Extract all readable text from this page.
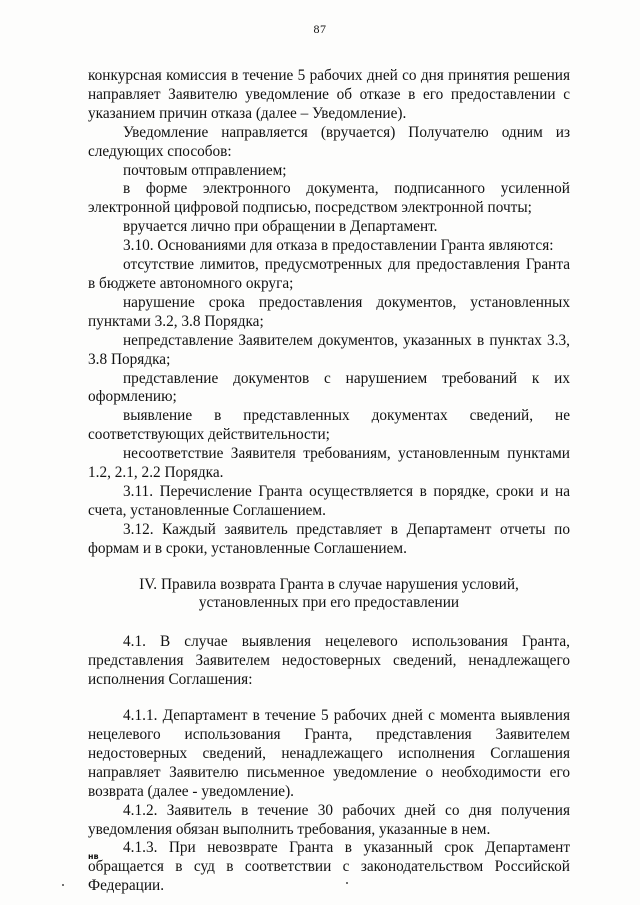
87

конкурсная комиссия в течение 5 рабочих дней со дня принятия решения направляет Заявителю уведомление об отказе в его предоставлении с указанием причин отказа (далее – Уведомление).

Уведомление направляется (вручается) Получателю одним из следующих способов:

почтовым отправлением;

в форме электронного документа, подписанного усиленной электронной цифровой подписью, посредством электронной почты;

вручается лично при обращении в Департамент.

3.10. Основаниями для отказа в предоставлении Гранта являются:

отсутствие лимитов, предусмотренных для предоставления Гранта в бюджете автономного округа;

нарушение срока предоставления документов, установленных пунктами 3.2, 3.8 Порядка;

непредставление Заявителем документов, указанных в пунктах 3.3, 3.8 Порядка;

представление документов с нарушением требований к их оформлению;

выявление в представленных документах сведений, не соответствующих действительности;

несоответствие Заявителя требованиям, установленным пунктами 1.2, 2.1, 2.2 Порядка.

3.11. Перечисление Гранта осуществляется в порядке, сроки и на счета, установленные Соглашением.

3.12. Каждый заявитель представляет в Департамент отчеты по формам и в сроки, установленные Соглашением.

IV. Правила возврата Гранта в случае нарушения условий,
установленных при его предоставлении

4.1. В случае выявления нецелевого использования Гранта, представления Заявителем недостоверных сведений, ненадлежащего исполнения Соглашения:

4.1.1. Департамент в течение 5 рабочих дней с момента выявления нецелевого использования Гранта, представления Заявителем недостоверных сведений, ненадлежащего исполнения Соглашения направляет Заявителю письменное уведомление о необходимости его возврата (далее - уведомление).

4.1.2. Заявитель в течение 30 рабочих дней со дня получения уведомления обязан выполнить требования, указанные в нем.

4.1.3. При невозврате Гранта в указанный срок Департамент обращается в суд в соответствии с законодательством Российской Федерации.

нв
